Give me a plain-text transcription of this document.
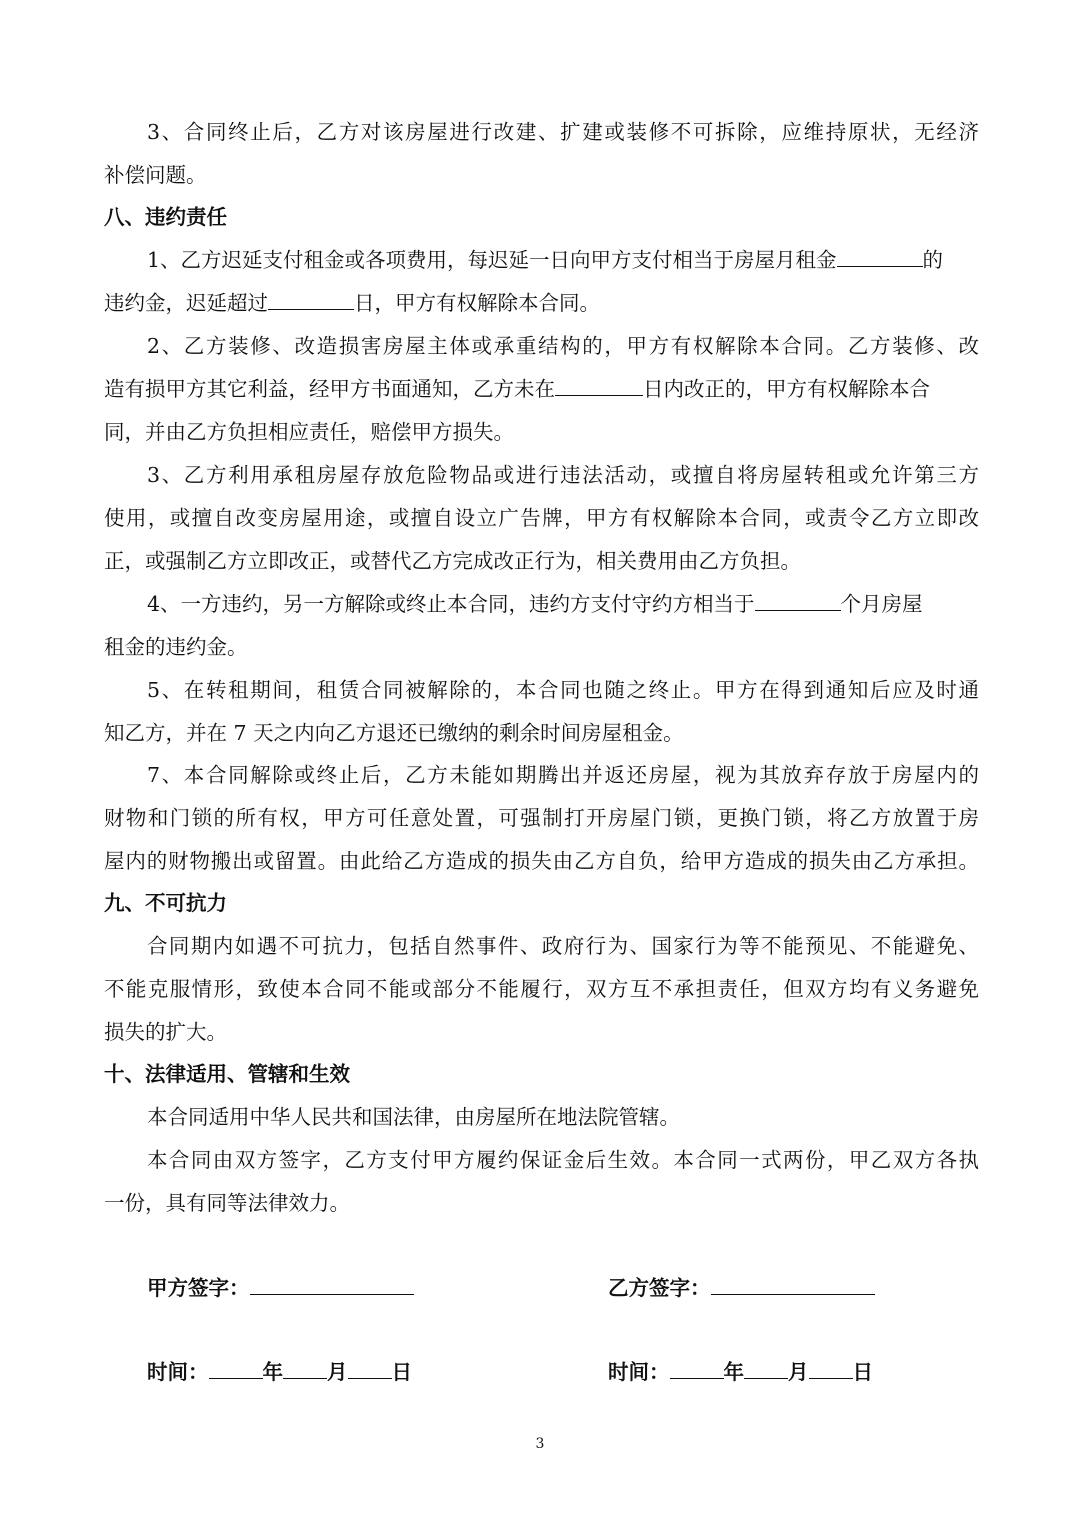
3、合同终止后，乙方对该房屋进行改建、扩建或装修不可拆除，应维持原状，无经济
补偿问题。
八、违约责任
1、乙方迟延支付租金或各项费用，每迟延一日向甲方支付相当于房屋月租金	的
违约金，迟延超过	日，甲方有权解除本合同。
2、乙方装修、改造损害房屋主体或承重结构的，甲方有权解除本合同。乙方装修、改
造有损甲方其它利益，经甲方书面通知，乙方未在	日内改正的，甲方有权解除本合
同，并由乙方负担相应责任，赔偿甲方损失。
3、乙方利用承租房屋存放危险物品或进行违法活动，或擅自将房屋转租或允许第三方
使用，或擅自改变房屋用途，或擅自设立广告牌，甲方有权解除本合同，或责令乙方立即改
正，或强制乙方立即改正，或替代乙方完成改正行为，相关费用由乙方负担。
4、一方违约，另一方解除或终止本合同，违约方支付守约方相当于	个月房屋
租金的违约金。
5、在转租期间，租赁合同被解除的，本合同也随之终止。甲方在得到通知后应及时通
知乙方，并在 7 天之内向乙方退还已缴纳的剩余时间房屋租金。
7、本合同解除或终止后，乙方未能如期腾出并返还房屋，视为其放弃存放于房屋内的
财物和门锁的所有权，甲方可任意处置，可强制打开房屋门锁，更换门锁，将乙方放置于房
屋内的财物搬出或留置。由此给乙方造成的损失由乙方自负，给甲方造成的损失由乙方承担。
九、不可抗力
合同期内如遇不可抗力，包括自然事件、政府行为、国家行为等不能预见、不能避免、
不能克服情形，致使本合同不能或部分不能履行，双方互不承担责任，但双方均有义务避免
损失的扩大。
十、法律适用、管辖和生效
本合同适用中华人民共和国法律，由房屋所在地法院管辖。
本合同由双方签字，乙方支付甲方履约保证金后生效。本合同一式两份，甲乙双方各执
一份，具有同等法律效力。
甲方签字：	乙方签字：
时间：	年 月 日	时间：	年 月 日
3
